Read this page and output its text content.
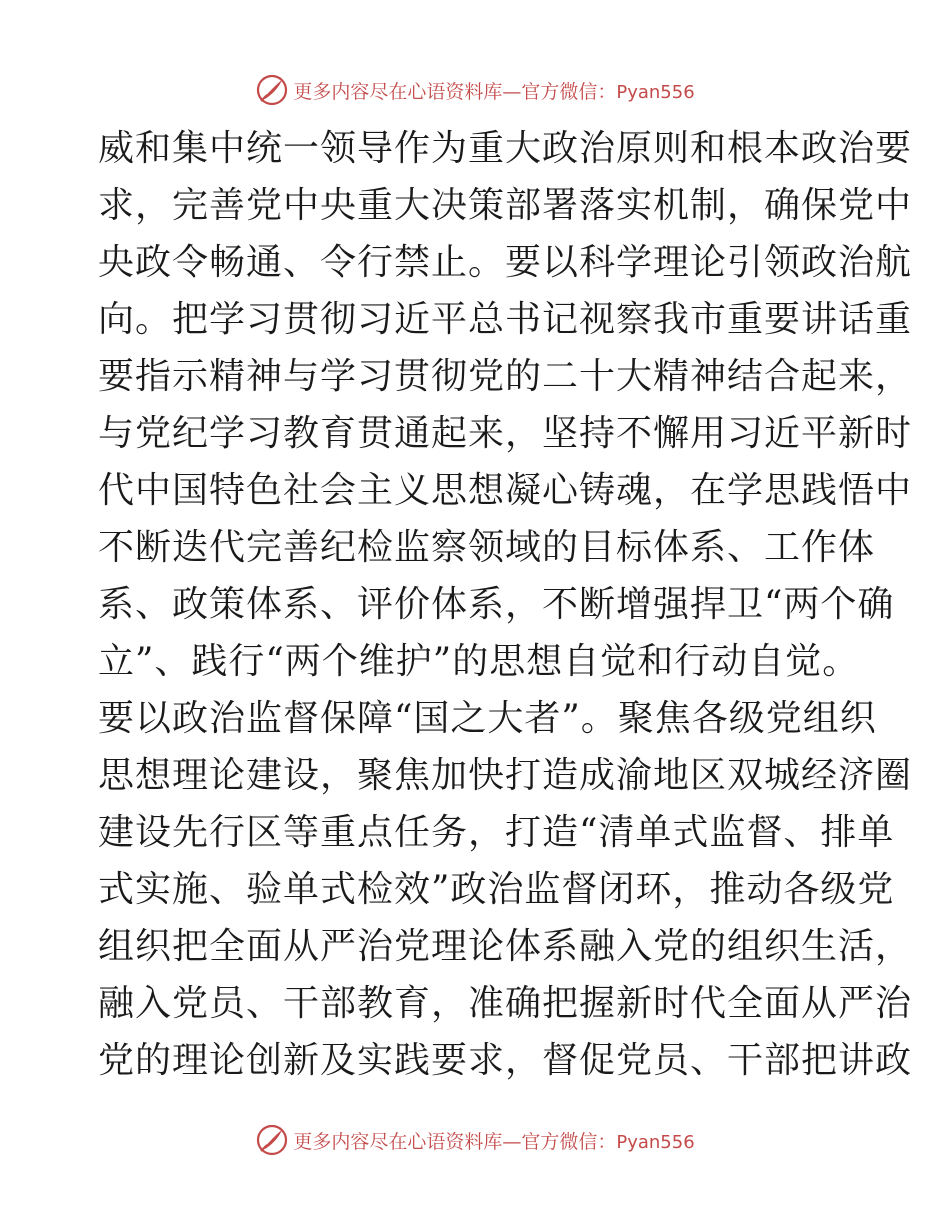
更多内容尽在心语资料库—官方微信：Pyan556
威和集中统一领导作为重大政治原则和根本政治要
求，完善党中央重大决策部署落实机制，确保党中
央政令畅通、令行禁止。要以科学理论引领政治航
向。把学习贯彻习近平总书记视察我市重要讲话重
要指示精神与学习贯彻党的二十大精神结合起来，
与党纪学习教育贯通起来，坚持不懈用习近平新时
代中国特色社会主义思想凝心铸魂，在学思践悟中
不断迭代完善纪检监察领域的目标体系、工作体
系、政策体系、评价体系，不断增强捍卫“两个确
立”、践行“两个维护”的思想自觉和行动自觉。
要以政治监督保障“国之大者”。聚焦各级党组织
思想理论建设，聚焦加快打造成渝地区双城经济圈
建设先行区等重点任务，打造“清单式监督、排单
式实施、验单式检效”政治监督闭环，推动各级党
组织把全面从严治党理论体系融入党的组织生活，
融入党员、干部教育，准确把握新时代全面从严治
党的理论创新及实践要求，督促党员、干部把讲政
更多内容尽在心语资料库—官方微信：Pyan556
